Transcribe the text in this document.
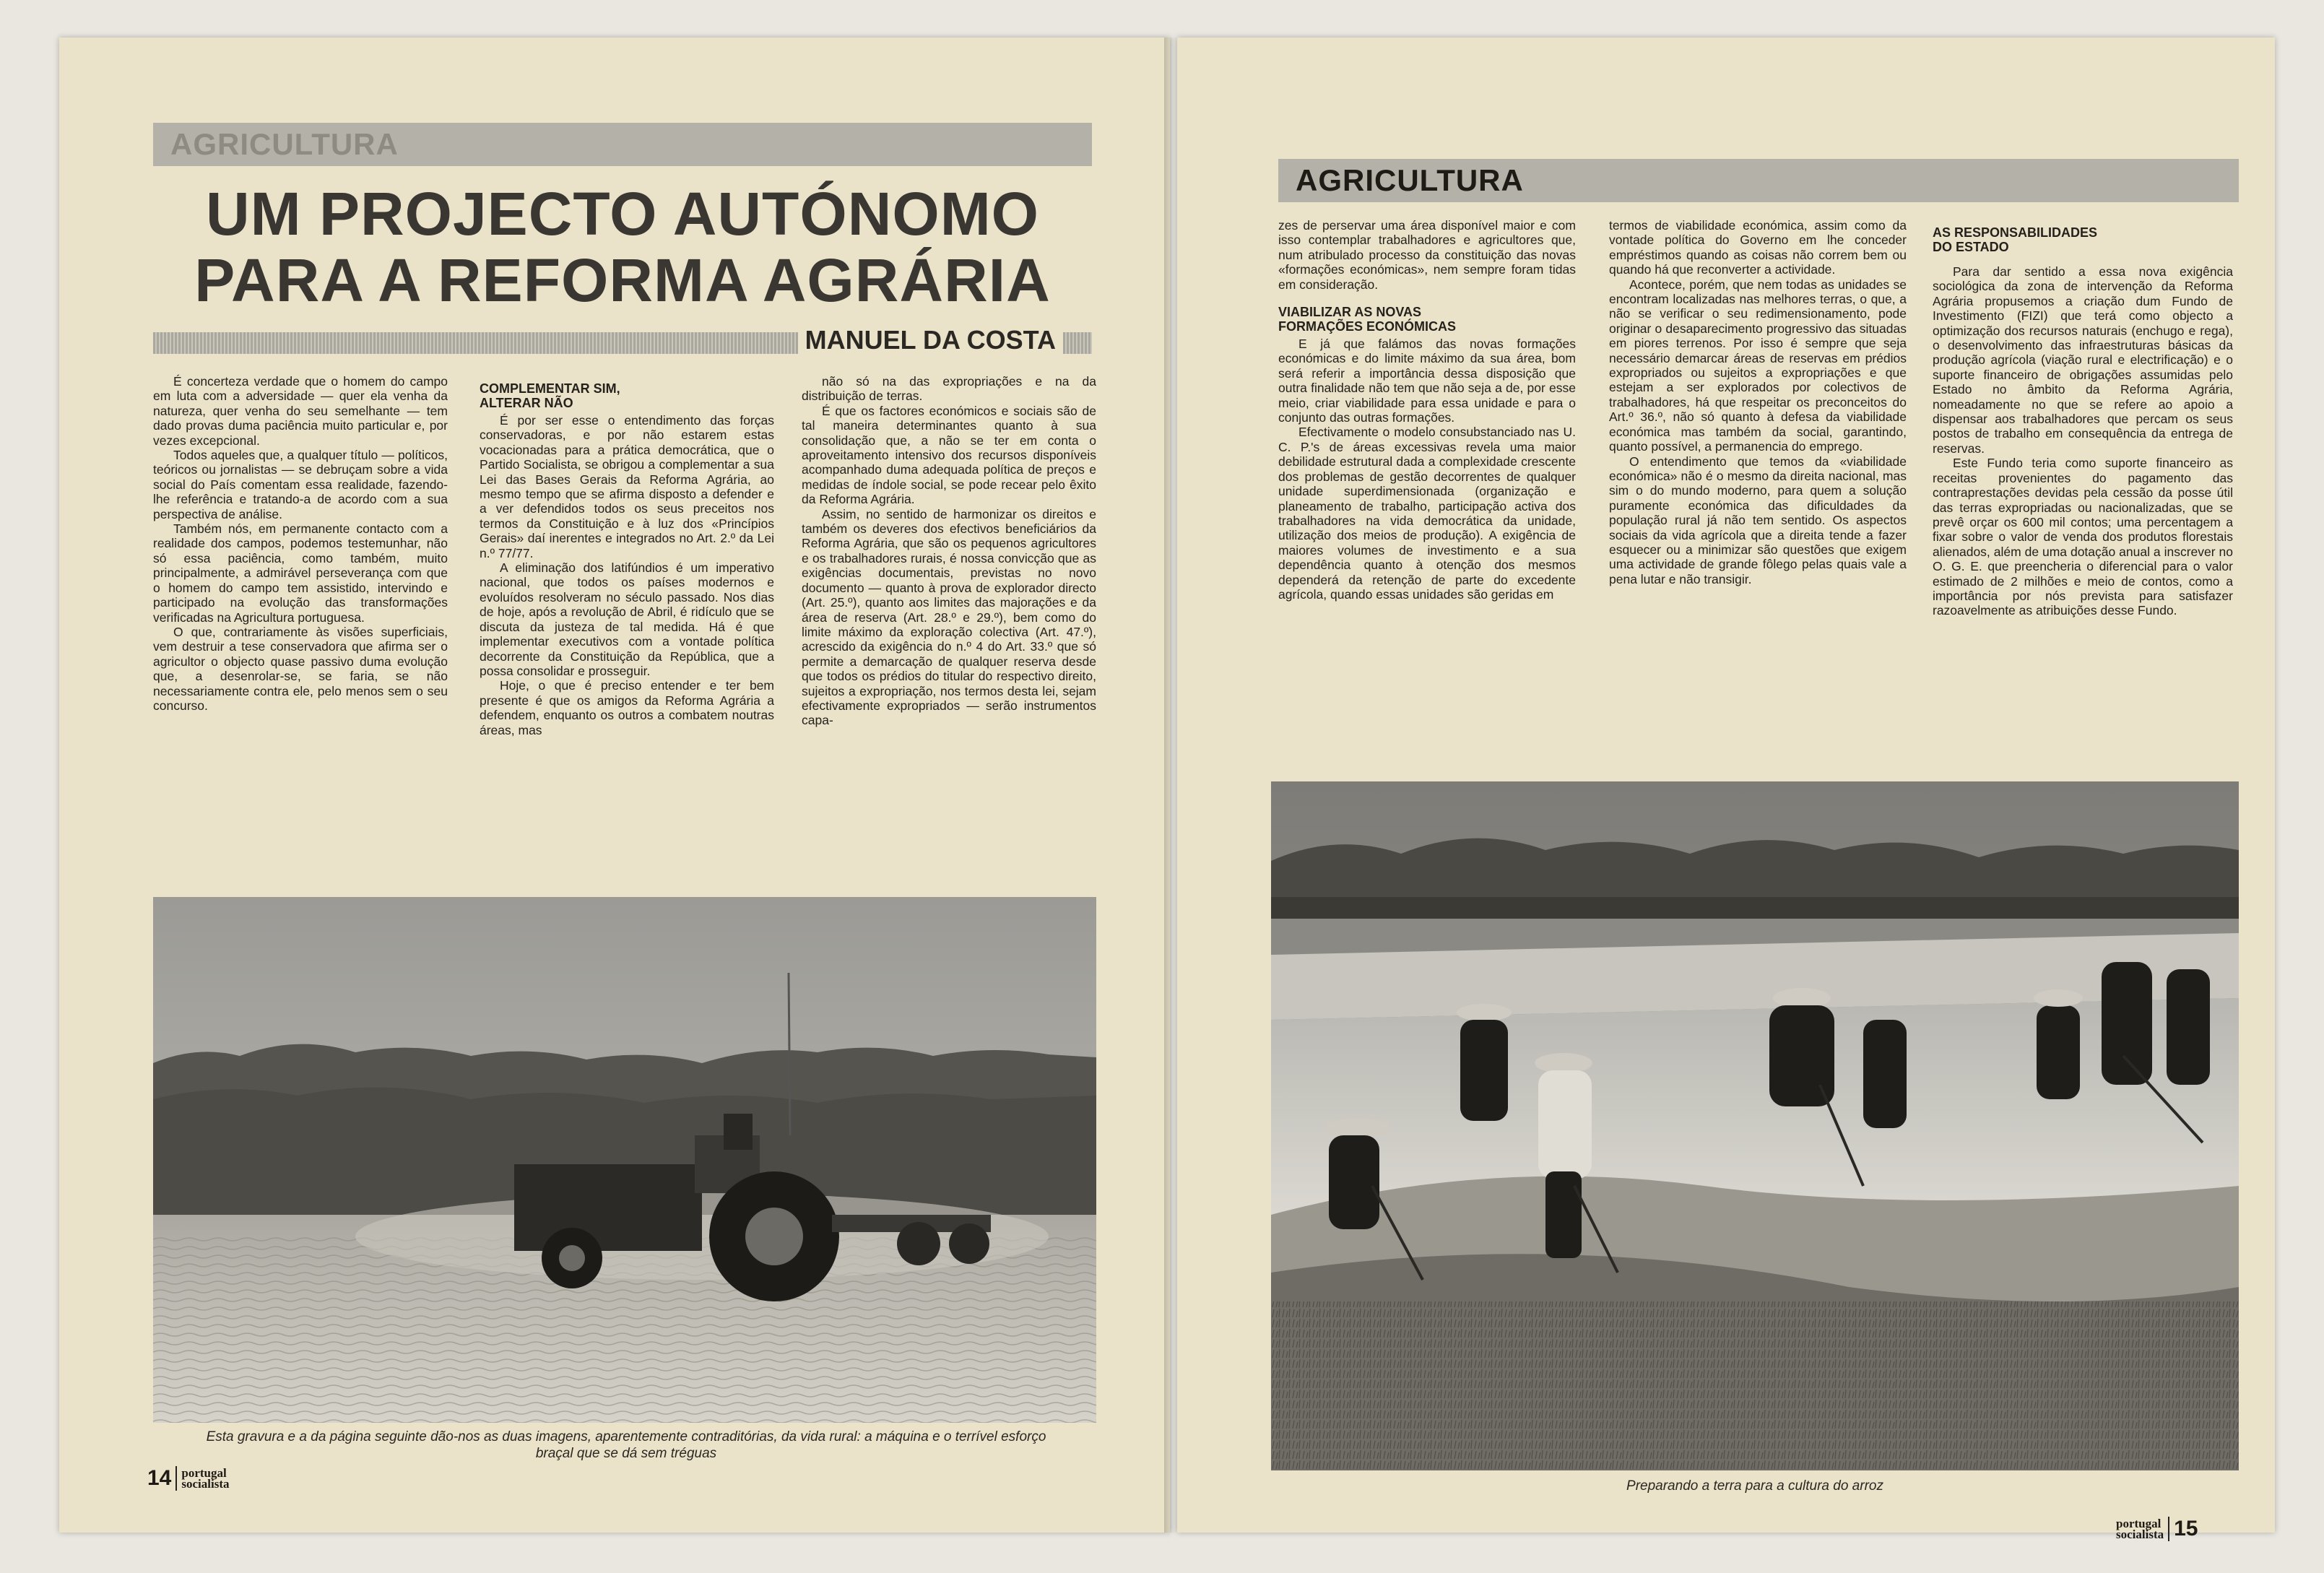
AGRICULTURA
UM PROJECTO AUTÓNOMO
PARA A REFORMA AGRÁRIA
MANUEL DA COSTA

É concerteza verdade que o homem do campo em luta com a adversidade — quer ela venha da natureza, quer venha do seu semelhante — tem dado provas duma paciência muito particular e, por vezes excepcional.

Todos aqueles que, a qualquer título — políticos, teóricos ou jornalistas — se debruçam sobre a vida social do País comentam essa realidade, fazendo-lhe referência e tratando-a de acordo com a sua perspectiva de análise.

Também nós, em permanente contacto com a realidade dos campos, podemos testemunhar, não só essa paciência, como também, muito principalmente, a admirável perseverança com que o homem do campo tem assistido, intervindo e participado na evolução das transformações verificadas na Agricultura portuguesa.

O que, contrariamente às visões superficiais, vem destruir a tese conservadora que afirma ser o agricultor o objecto quase passivo duma evolução que, a desenrolar-se, se faria, se não necessariamente contra ele, pelo menos sem o seu concurso.

COMPLEMENTAR SIM,
ALTERAR NÃO

É por ser esse o entendimento das forças conservadoras, e por não estarem estas vocacionadas para a prática democrática, que o Partido Socialista, se obrigou a complementar a sua Lei das Bases Gerais da Reforma Agrária, ao mesmo tempo que se afirma disposto a defender e a ver defendidos todos os seus preceitos nos termos da Constituição e à luz dos «Princípios Gerais» daí inerentes e integrados no Art. 2.º da Lei n.º 77/77.

A eliminação dos latifúndios é um imperativo nacional, que todos os países modernos e evoluídos resolveram no século passado. Nos dias de hoje, após a revolução de Abril, é ridículo que se discuta da justeza de tal medida. Há é que implementar executivos com a vontade política decorrente da Constituição da República, que a possa consolidar e prosseguir.

Hoje, o que é preciso entender e ter bem presente é que os amigos da Reforma Agrária a defendem, enquanto os outros a combatem noutras áreas, mas

não só na das expropriações e na da distribuição de terras.

É que os factores económicos e sociais são de tal maneira determinantes quanto à sua consolidação que, a não se ter em conta o aproveitamento intensivo dos recursos disponíveis acompanhado duma adequada política de preços e medidas de índole social, se pode recear pelo êxito da Reforma Agrária.

Assim, no sentido de harmonizar os direitos e também os deveres dos efectivos beneficiários da Reforma Agrária, que são os pequenos agricultores e os trabalhadores rurais, é nossa convicção que as exigências documentais, previstas no novo documento — quanto à prova de explorador directo (Art. 25.º), quanto aos limites das majorações e da área de reserva (Art. 28.º e 29.º), bem como do limite máximo da exploração colectiva (Art. 47.º), acrescido da exigência do n.º 4 do Art. 33.º que só permite a demarcação de qualquer reserva desde que todos os prédios do titular do respectivo direito, sujeitos a expropriação, nos termos desta lei, sejam efectivamente expropriados — serão instrumentos capa-

Esta gravura e a da página seguinte dão-nos as duas imagens, aparentemente contraditórias, da vida rural: a máquina e o terrível esforço
braçal que se dá sem tréguas
14 portugal
socialista
AGRICULTURA

zes de perservar uma área disponível maior e com isso contemplar trabalhadores e agricultores que, num atribulado processo da constituição das novas «formações económicas», nem sempre foram tidas em consideração.

VIABILIZAR AS NOVAS
FORMAÇÕES ECONÓMICAS

E já que falámos das novas formações económicas e do limite máximo da sua área, bom será referir a importância dessa disposição que outra finalidade não tem que não seja a de, por esse meio, criar viabilidade para essa unidade e para o conjunto das outras formações.

Efectivamente o modelo consubstanciado nas U. C. P.'s de áreas excessivas revela uma maior debilidade estrutural dada a complexidade crescente dos problemas de gestão decorrentes de qualquer unidade superdimensionada (organização e planeamento de trabalho, participação activa dos trabalhadores na vida democrática da unidade, utilização dos meios de produção). A exigência de maiores volumes de investimento e a sua dependência quanto à otenção dos mesmos dependerá da retenção de parte do excedente agrícola, quando essas unidades são geridas em

termos de viabilidade económica, assim como da vontade política do Governo em lhe conceder empréstimos quando as coisas não correm bem ou quando há que reconverter a actividade.

Acontece, porém, que nem todas as unidades se encontram localizadas nas melhores terras, o que, a não se verificar o seu redimensionamento, pode originar o desaparecimento progressivo das situadas em piores terrenos. Por isso é sempre que seja necessário demarcar áreas de reservas em prédios expropriados ou sujeitos a expropriações e que estejam a ser explorados por colectivos de trabalhadores, há que respeitar os preconceitos do Art.º 36.º, não só quanto à defesa da viabilidade económica mas também da social, garantindo, quanto possível, a permanencia do emprego.

O entendimento que temos da «viabilidade económica» não é o mesmo da direita nacional, mas sim o do mundo moderno, para quem a solução puramente económica das dificuldades da população rural já não tem sentido. Os aspectos sociais da vida agrícola que a direita tende a fazer esquecer ou a minimizar são questões que exigem uma actividade de grande fôlego pelas quais vale a pena lutar e não transigir.

AS RESPONSABILIDADES
DO ESTADO

Para dar sentido a essa nova exigência sociológica da zona de intervenção da Reforma Agrária propusemos a criação dum Fundo de Investimento (FIZI) que terá como objecto a optimização dos recursos naturais (enchugo e rega), o desenvolvimento das infraestruturas básicas da produção agrícola (viação rural e electrificação) e o suporte financeiro de obrigações assumidas pelo Estado no âmbito da Reforma Agrária, nomeadamente no que se refere ao apoio a dispensar aos trabalhadores que percam os seus postos de trabalho em consequência da entrega de reservas.

Este Fundo teria como suporte financeiro as receitas provenientes do pagamento das contraprestações devidas pela cessão da posse útil das terras expropriadas ou nacionalizadas, que se prevê orçar os 600 mil contos; uma percentagem a fixar sobre o valor de venda dos produtos florestais alienados, além de uma dotação anual a inscrever no O. G. E. que preencheria o diferencial para o valor estimado de 2 milhões e meio de contos, como a importância por nós prevista para satisfazer razoavelmente as atribuições desse Fundo.

Preparando a terra para a cultura do arroz
portugal
socialista 15
